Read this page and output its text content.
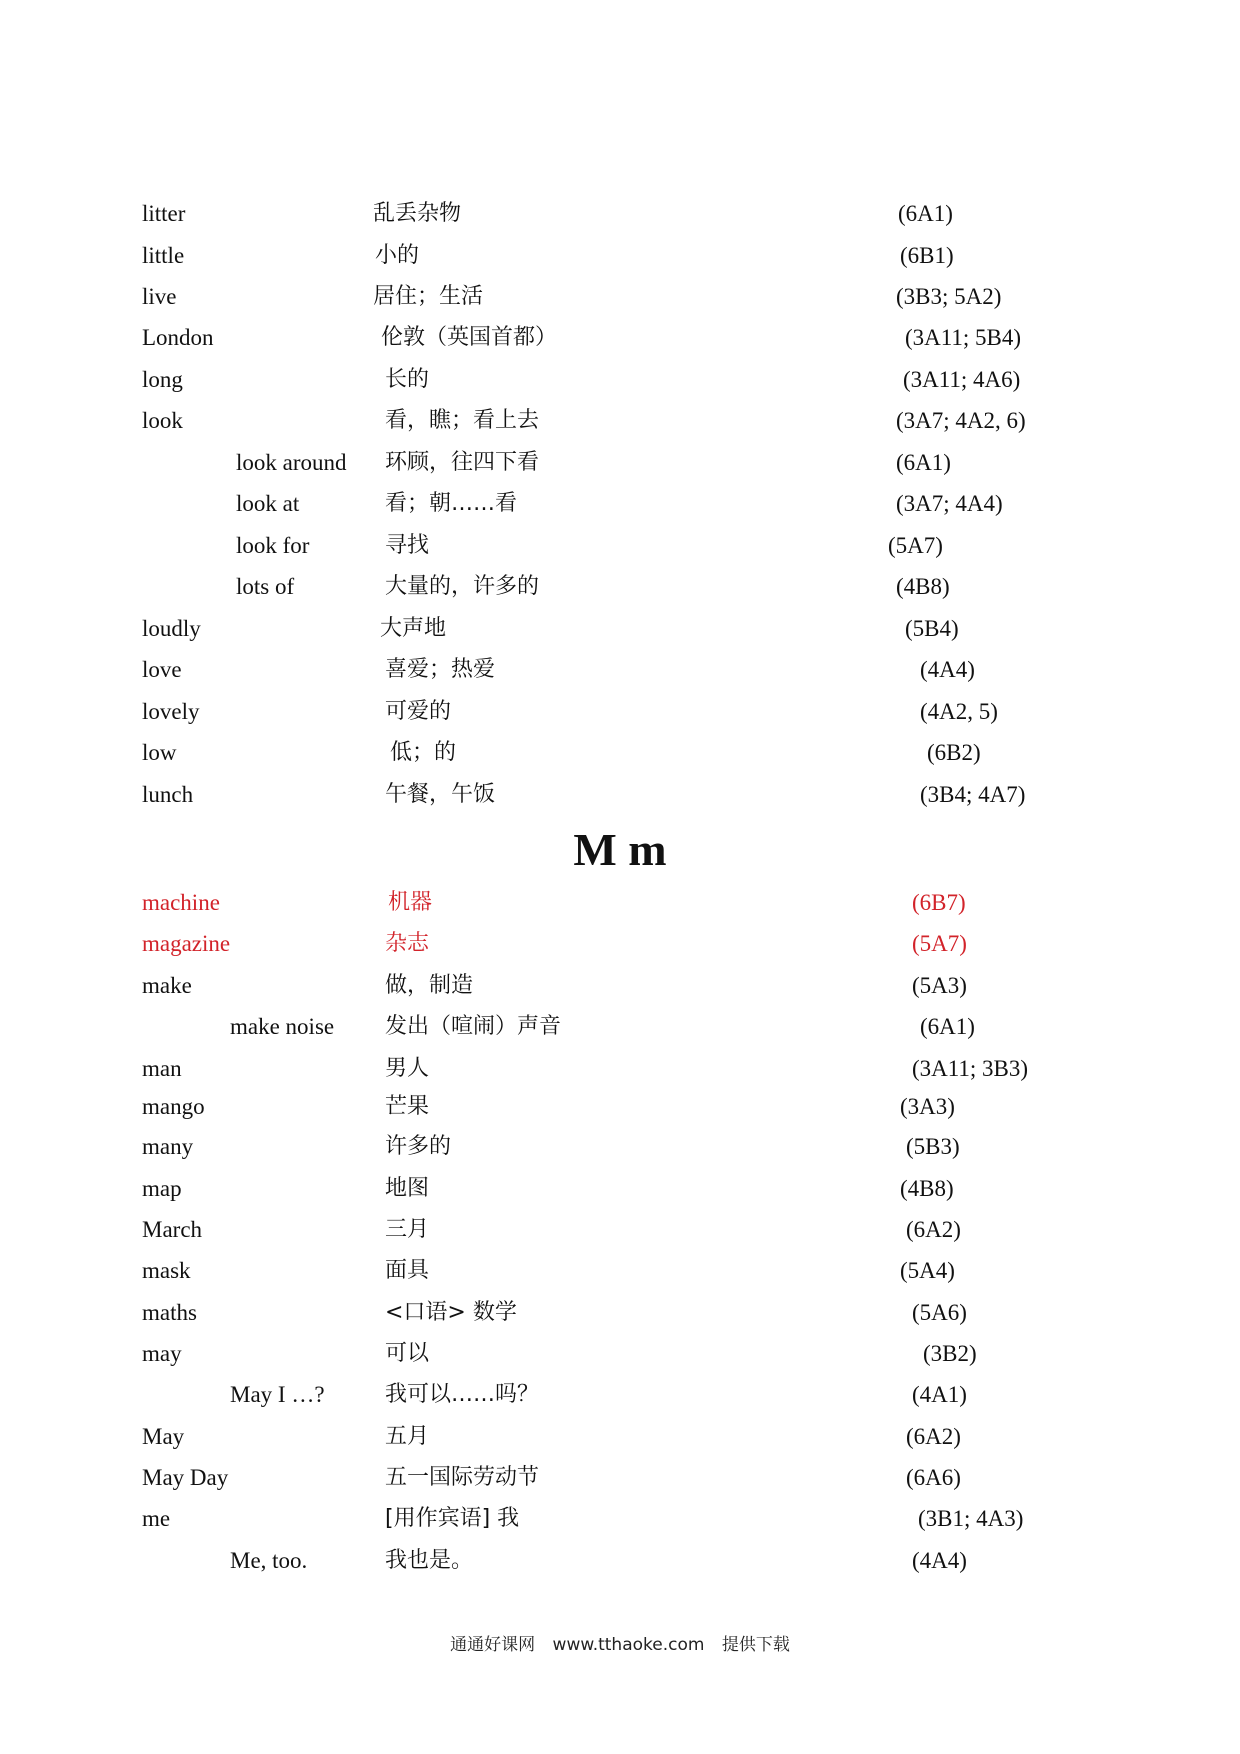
litter	乱丢杂物	(6A1)
little	小的	(6B1)
live	居住；生活	(3B3; 5A2)
London	伦敦（英国首都）	(3A11; 5B4)
long	长的	(3A11; 4A6)
look	看，瞧；看上去	(3A7; 4A2, 6)
look around 环顾，往四下看	(6A1)
look at	看；朝……看	(3A7; 4A4)
look for	寻找	(5A7)
lots of	大量的，许多的	(4B8)
loudly	大声地	(5B4)
love	喜爱；热爱	(4A4)
lovely	可爱的	(4A2, 5)
low	低；的	(6B2)
lunch	午餐，午饭	(3B4; 4A7)
M m
machine	机器	(6B7)
magazine	杂志	(5A7)
make	做，制造	(5A3)
make noise 发出（喧闹）声音	(6A1)
man	男人	(3A11; 3B3)
mango	芒果	(3A3)
many	许多的	(5B3)
map	地图	(4B8)
March	三月	(6A2)
mask	面具	(5A4)
maths	<口语> 数学	(5A6)
may	可以	(3B2)
May I …?	我可以……吗？	(4A1)
May	五月	(6A2)
May Day	五一国际劳动节	(6A6)
me	[用作宾语] 我	(3B1; 4A3)
Me, too.	我也是。	(4A4)
通通好课网 www.tthaoke.com 提供下载
